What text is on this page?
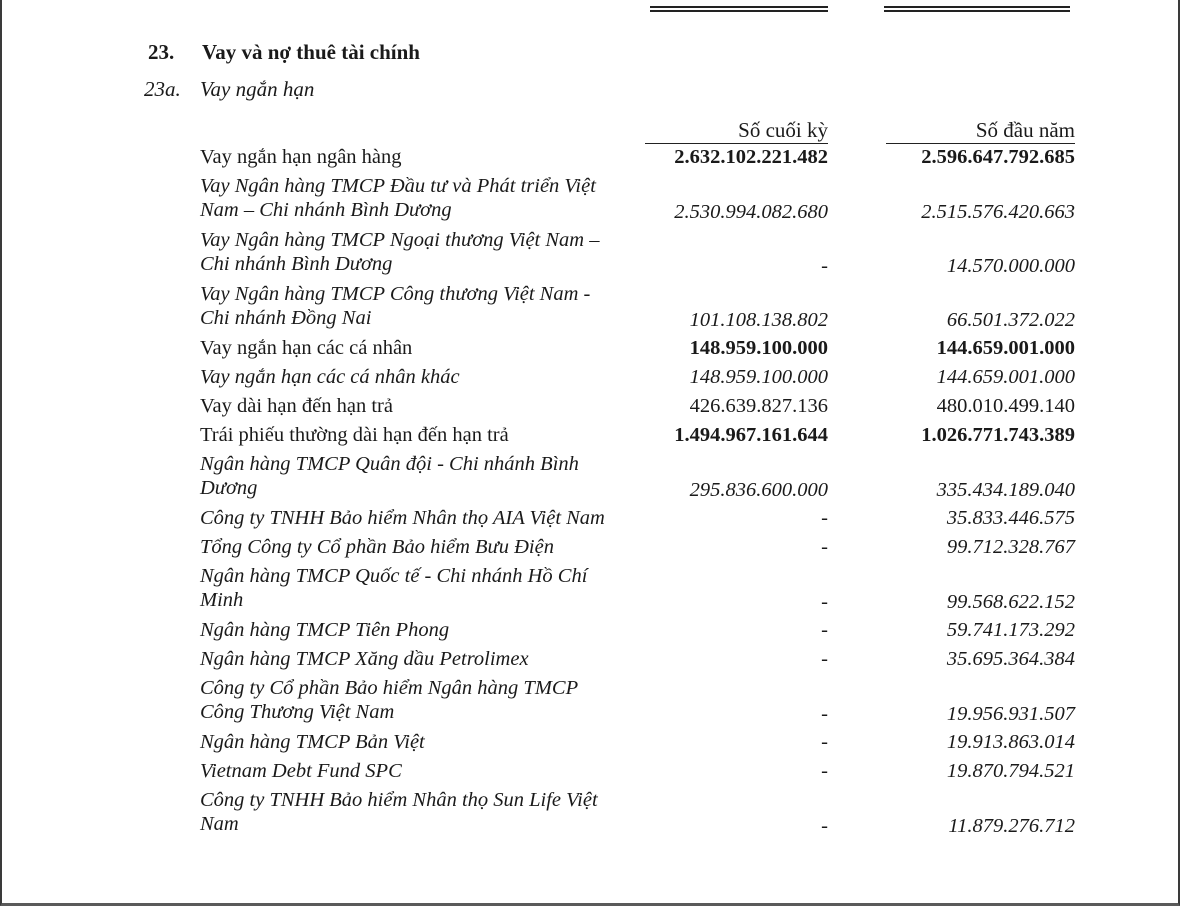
23. Vay và nợ thuê tài chính
23a. Vay ngắn hạn
Số cuối kỳ	Số đầu năm
Vay ngắn hạn ngân hàng	2.632.102.221.482	2.596.647.792.685
Vay Ngân hàng TMCP Đầu tư và Phát triển Việt
Nam – Chi nhánh Bình Dương	2.530.994.082.680	2.515.576.420.663
Vay Ngân hàng TMCP Ngoại thương Việt Nam –
Chi nhánh Bình Dương	-	14.570.000.000
Vay Ngân hàng TMCP Công thương Việt Nam -
Chi nhánh Đồng Nai	101.108.138.802	66.501.372.022
Vay ngắn hạn các cá nhân	148.959.100.000	144.659.001.000
Vay ngắn hạn các cá nhân khác	148.959.100.000	144.659.001.000
Vay dài hạn đến hạn trả	426.639.827.136	480.010.499.140
Trái phiếu thường dài hạn đến hạn trả	1.494.967.161.644	1.026.771.743.389
Ngân hàng TMCP Quân đội - Chi nhánh Bình
Dương	295.836.600.000	335.434.189.040
Công ty TNHH Bảo hiểm Nhân thọ AIA Việt Nam	-	35.833.446.575
Tổng Công ty Cổ phần Bảo hiểm Bưu Điện	-	99.712.328.767
Ngân hàng TMCP Quốc tế - Chi nhánh Hồ Chí
Minh	-	99.568.622.152
Ngân hàng TMCP Tiên Phong	-	59.741.173.292
Ngân hàng TMCP Xăng dầu Petrolimex	-	35.695.364.384
Công ty Cổ phần Bảo hiểm Ngân hàng TMCP
Công Thương Việt Nam	-	19.956.931.507
Ngân hàng TMCP Bản Việt	-	19.913.863.014
Vietnam Debt Fund SPC	-	19.870.794.521
Công ty TNHH Bảo hiểm Nhân thọ Sun Life Việt
Nam	-	11.879.276.712
